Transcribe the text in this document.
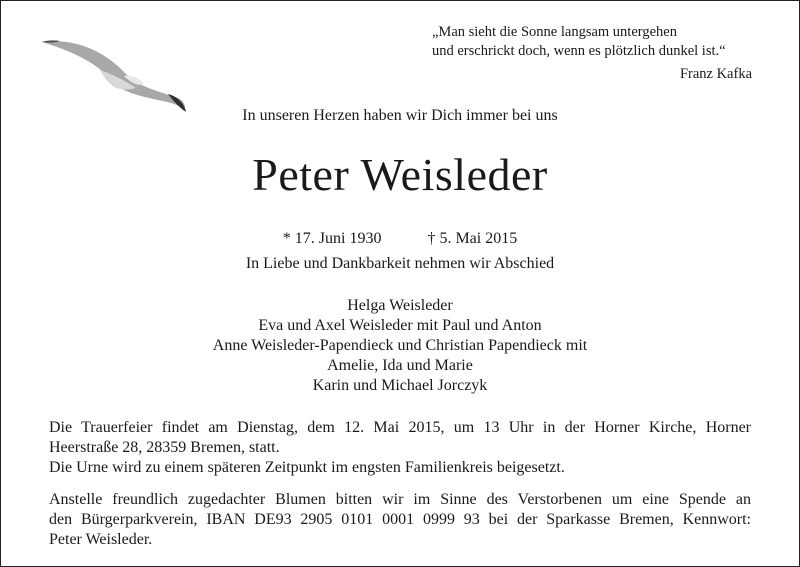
„Man sieht die Sonne langsam untergehen
und erschrickt doch, wenn es plötzlich dunkel ist.“
Franz Kafka
In unseren Herzen haben wir Dich immer bei uns
Peter Weisleder
* 17. Juni 1930	† 5. Mai 2015
In Liebe und Dankbarkeit nehmen wir Abschied
Helga Weisleder
Eva und Axel Weisleder mit Paul und Anton
Anne Weisleder-Papendieck und Christian Papendieck mit
Amelie, Ida und Marie
Karin und Michael Jorczyk
Die Trauerfeier findet am Dienstag, dem 12. Mai 2015, um 13 Uhr in der Horner Kirche, Horner
Heerstraße 28, 28359 Bremen, statt.
Die Urne wird zu einem späteren Zeitpunkt im engsten Familienkreis beigesetzt.
Anstelle freundlich zugedachter Blumen bitten wir im Sinne des Verstorbenen um eine Spende an
den Bürgerparkverein, IBAN DE93 2905 0101 0001 0999 93 bei der Sparkasse Bremen, Kennwort:
Peter Weisleder.
